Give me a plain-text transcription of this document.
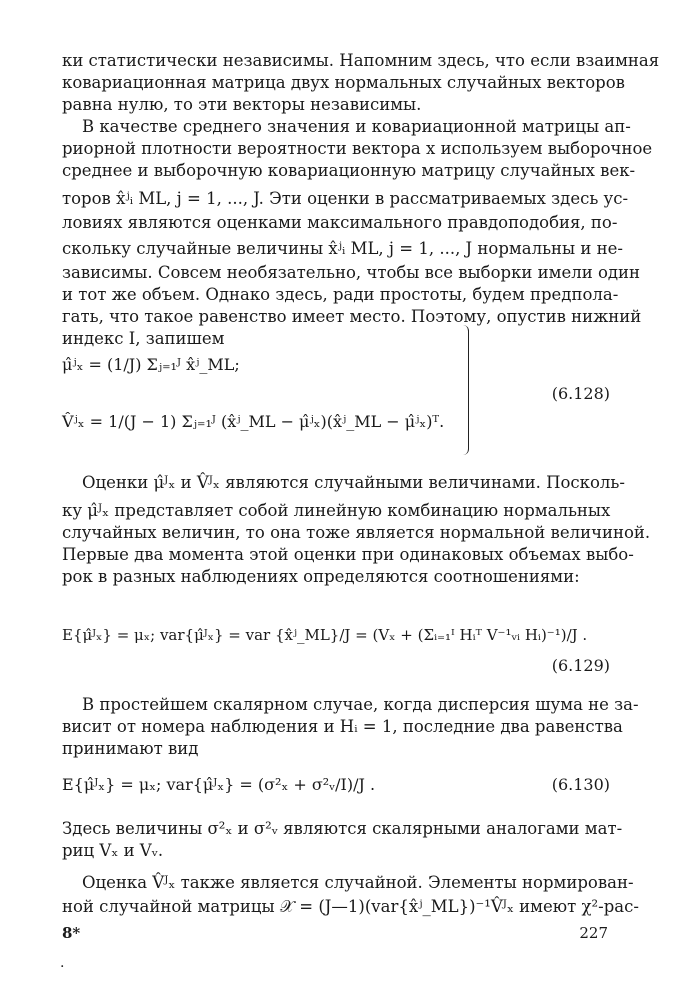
ки статистически независимы. Напомним здесь, что если взаимная
ковариационная матрица двух нормальных случайных векторов
равна нулю, то эти векторы независимы.
В качестве среднего значения и ковариационной матрицы ап-
риорной плотности вероятности вектора x используем выборочное
среднее и выборочную ковариационную матрицу случайных век-
торов x̂ʲᵢ ML, j = 1, ..., J. Эти оценки в рассматриваемых здесь ус-
ловиях являются оценками максимального правдоподобия, по-
скольку случайные величины x̂ʲᵢ ML, j = 1, ..., J нормальны и не-
зависимы. Совсем необязательно, чтобы все выборки имели один
и тот же объем. Однако здесь, ради простоты, будем предпола-
гать, что такое равенство имеет место. Поэтому, опустив нижний
индекс I, запишем
μ̂ʲₓ = (1/J) Σⱼ₌₁ᴶ x̂ʲ_ML;
V̂ʲₓ = 1/(J − 1) Σⱼ₌₁ᴶ (x̂ʲ_ML − μ̂ʲₓ)(x̂ʲ_ML − μ̂ʲₓ)ᵀ.
(6.128)
Оценки μ̂ᴶₓ и V̂ᴶₓ являются случайными величинами. Посколь-
ку μ̂ᴶₓ представляет собой линейную комбинацию нормальных
случайных величин, то она тоже является нормальной величиной.
Первые два момента этой оценки при одинаковых объемах выбо-
рок в разных наблюдениях определяются соотношениями:
E{μ̂ᴶₓ} = μₓ; var{μ̂ᴶₓ} = var {x̂ʲ_ML}/J = (Vₓ + (Σᵢ₌₁ᴵ Hᵢᵀ V⁻¹ᵥᵢ Hᵢ)⁻¹)/J .
(6.129)
В простейшем скалярном случае, когда дисперсия шума не за-
висит от номера наблюдения и Hᵢ = 1, последние два равенства
принимают вид
E{μ̂ᴶₓ} = μₓ; var{μ̂ᴶₓ} = (σ²ₓ + σ²ᵥ/I)/J .	(6.130)
Здесь величины σ²ₓ и σ²ᵥ являются скалярными аналогами мат-
риц Vₓ и Vᵥ.
Оценка V̂ᴶₓ также является случайной. Элементы нормирован-
ной случайной матрицы 𝒳 = (J—1)(var{x̂ʲ_ML})⁻¹V̂ᴶₓ имеют χ²-рас-
8*	227
.
